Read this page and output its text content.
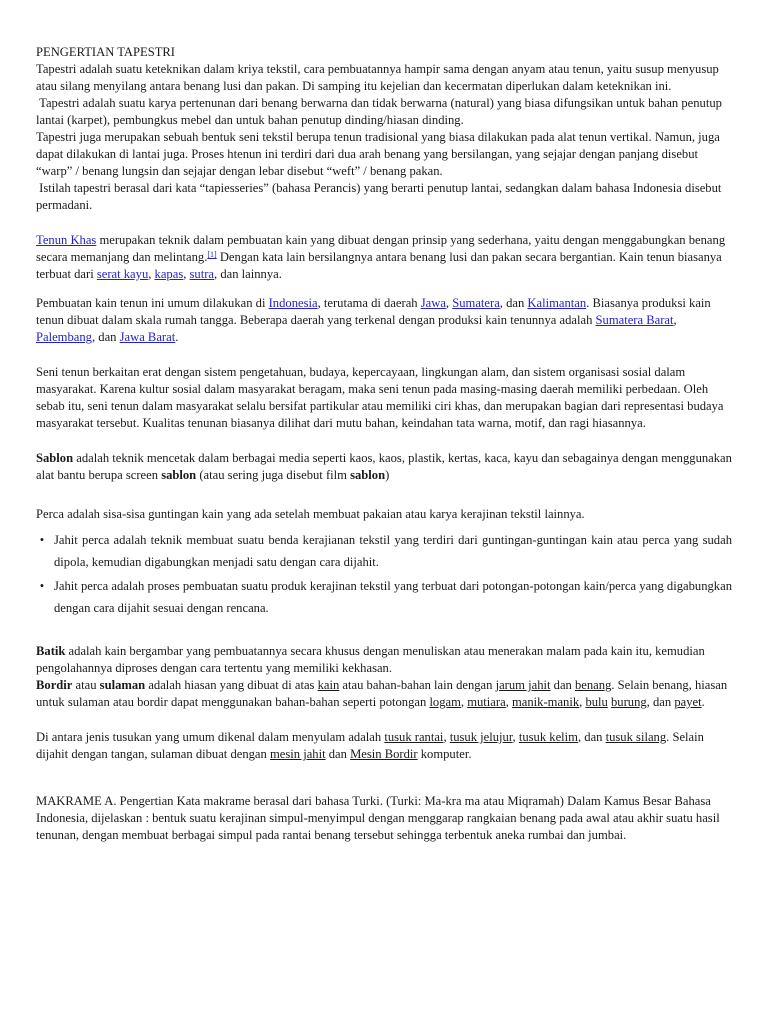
PENGERTIAN TAPESTRI

Tapestri adalah suatu keteknikan dalam kriya tekstil, cara pembuatannya hampir sama dengan anyam atau tenun, yaitu susup menyusup atau silang menyilang antara benang lusi dan pakan. Di samping itu kejelian dan kecermatan diperlukan dalam keteknikan ini.

Tapestri adalah suatu karya pertenunan dari benang berwarna dan tidak berwarna (natural) yang biasa difungsikan untuk bahan penutup lantai (karpet), pembungkus mebel dan untuk bahan penutup dinding/hiasan dinding.

Tapestri juga merupakan sebuah bentuk seni tekstil berupa tenun tradisional yang biasa dilakukan pada alat tenun vertikal. Namun, juga dapat dilakukan di lantai juga. Proses htenun ini terdiri dari dua arah benang yang bersilangan, yang sejajar dengan panjang disebut “warp” / benang lungsin dan sejajar dengan lebar disebut “weft” / benang pakan.

Istilah tapestri berasal dari kata “tapiesseries” (bahasa Perancis) yang berarti penutup lantai, sedangkan dalam bahasa Indonesia disebut permadani.

Tenun Khas merupakan teknik dalam pembuatan kain yang dibuat dengan prinsip yang sederhana, yaitu dengan menggabungkan benang secara memanjang dan melintang.[1] Dengan kata lain bersilangnya antara benang lusi dan pakan secara bergantian. Kain tenun biasanya terbuat dari serat kayu, kapas, sutra, dan lainnya.

Pembuatan kain tenun ini umum dilakukan di Indonesia, terutama di daerah Jawa, Sumatera, dan Kalimantan. Biasanya produksi kain tenun dibuat dalam skala rumah tangga. Beberapa daerah yang terkenal dengan produksi kain tenunnya adalah Sumatera Barat, Palembang, dan Jawa Barat.

Seni tenun berkaitan erat dengan sistem pengetahuan, budaya, kepercayaan, lingkungan alam, dan sistem organisasi sosial dalam masyarakat. Karena kultur sosial dalam masyarakat beragam, maka seni tenun pada masing-masing daerah memiliki perbedaan. Oleh sebab itu, seni tenun dalam masyarakat selalu bersifat partikular atau memiliki ciri khas, dan merupakan bagian dari representasi budaya masyarakat tersebut. Kualitas tenunan biasanya dilihat dari mutu bahan, keindahan tata warna, motif, dan ragi hiasannya.

Sablon adalah teknik mencetak dalam berbagai media seperti kaos, kaos, plastik, kertas, kaca, kayu dan sebagainya dengan menggunakan alat bantu berupa screen sablon (atau sering juga disebut film sablon)

Perca adalah sisa-sisa guntingan kain yang ada setelah membuat pakaian atau karya kerajinan tekstil lainnya.

• Jahit perca adalah teknik membuat suatu benda kerajianan tekstil yang terdiri dari guntingan-guntingan kain atau perca yang sudah dipola, kemudian digabungkan menjadi satu dengan cara dijahit.
• Jahit perca adalah proses pembuatan suatu produk kerajinan tekstil yang terbuat dari potongan-potongan kain/perca yang digabungkan dengan cara dijahit sesuai dengan rencana.

Batik adalah kain bergambar yang pembuatannya secara khusus dengan menuliskan atau menerakan malam pada kain itu, kemudian pengolahannya diproses dengan cara tertentu yang memiliki kekhasan.

Bordir atau sulaman adalah hiasan yang dibuat di atas kain atau bahan-bahan lain dengan jarum jahit dan benang. Selain benang, hiasan untuk sulaman atau bordir dapat menggunakan bahan-bahan seperti potongan logam, mutiara, manik-manik, bulu burung, dan payet.

Di antara jenis tusukan yang umum dikenal dalam menyulam adalah tusuk rantai, tusuk jelujur, tusuk kelim, dan tusuk silang. Selain dijahit dengan tangan, sulaman dibuat dengan mesin jahit dan Mesin Bordir komputer.

MAKRAME A. Pengertian Kata makrame berasal dari bahasa Turki. (Turki: Ma-kra ma atau Miqramah) Dalam Kamus Besar Bahasa Indonesia, dijelaskan : bentuk suatu kerajinan simpul-menyimpul dengan menggarap rangkaian benang pada awal atau akhir suatu hasil tenunan, dengan membuat berbagai simpul pada rantai benang tersebut sehingga terbentuk aneka rumbai dan jumbai.
